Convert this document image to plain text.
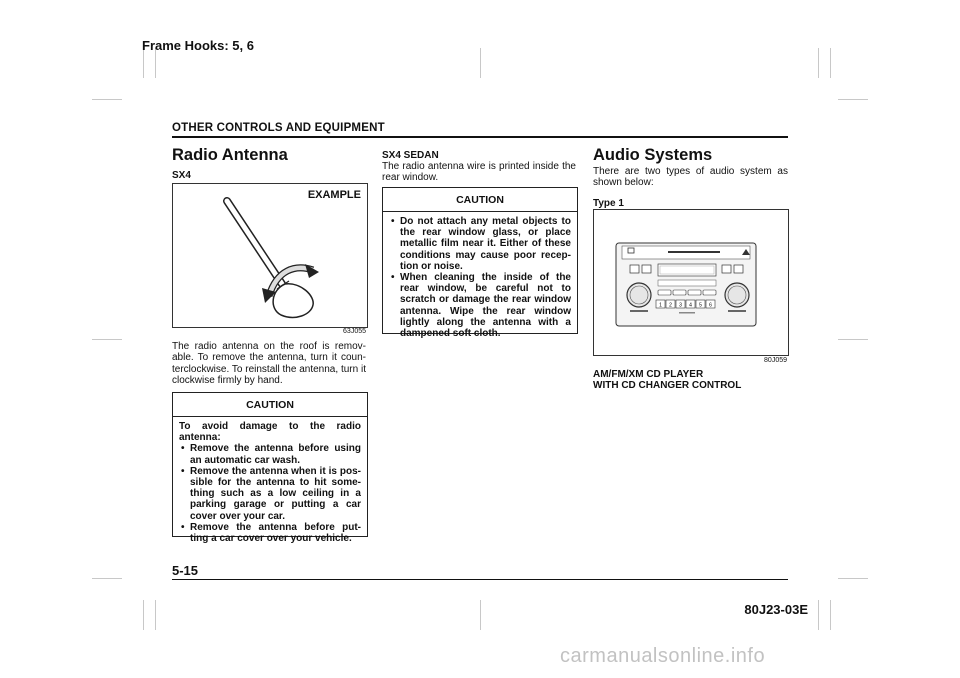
Frame Hooks: 5, 6
OTHER CONTROLS AND EQUIPMENT
Radio Antenna
SX4
EXAMPLE
63J055
The radio antenna on the roof is remov-able. To remove the antenna, turn it coun-terclockwise. To reinstall the antenna, turn it clockwise firmly by hand.
CAUTION
To avoid damage to the radio antenna:
• Remove the antenna before using an automatic car wash.
• Remove the antenna when it is pos-sible for the antenna to hit some-thing such as a low ceiling in a parking garage or putting a car cover over your car.
• Remove the antenna before put-ting a car cover over your vehicle.
SX4 SEDAN
The radio antenna wire is printed inside the rear window.
CAUTION
• Do not attach any metal objects to the rear window glass, or place metallic film near it. Either of these conditions may cause poor recep-tion or noise.
• When cleaning the inside of the rear window, be careful not to scratch or damage the rear window antenna. Wipe the rear window lightly along the antenna with a dampened soft cloth.
Audio Systems
There are two types of audio system as shown below:
Type 1
1 2 3 4 5 6
80J059
AM/FM/XM CD PLAYER
WITH CD CHANGER CONTROL
5-15
80J23-03E
carmanualsonline.info
